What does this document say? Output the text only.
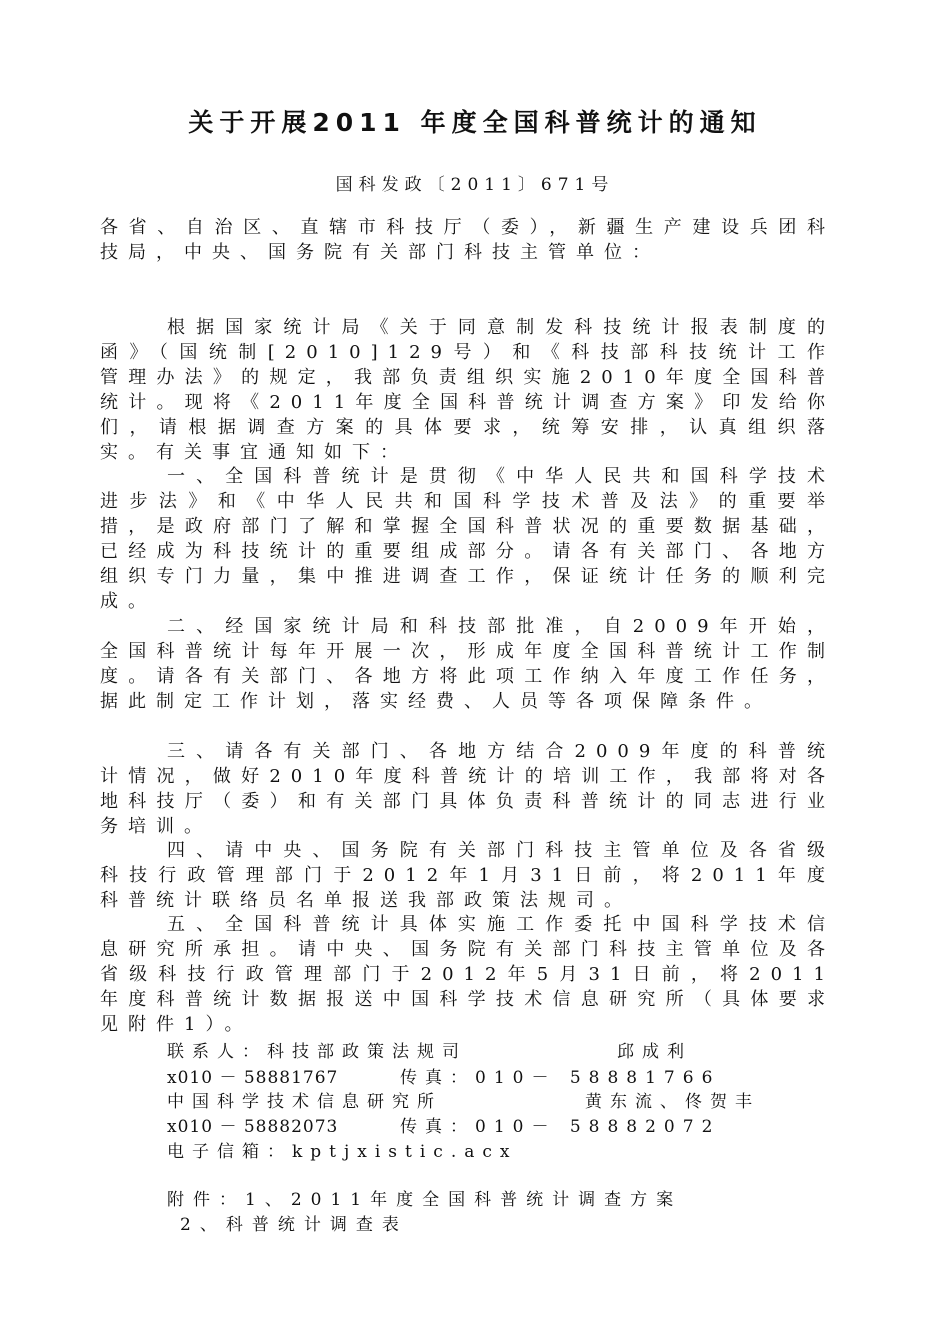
关于开展2011 年度全国科普统计的通知
国科发政〔2011〕671号

各省、自治区、直辖市科技厅（委），新疆生产建设兵团科技局，中央、国务院有关部门科技主管单位：

根据国家统计局《关于同意制发科技统计报表制度的函》（国统制[2010]129号）和《科技部科技统计工作管理办法》的规定，我部负责组织实施2010年度全国科普统计。现将《2011年度全国科普统计调查方案》印发给你们，请根据调查方案的具体要求，统筹安排，认真组织落实。有关事宜通知如下：

一、全国科普统计是贯彻《中华人民共和国科学技术进步法》和《中华人民共和国科学技术普及法》的重要举措，是政府部门了解和掌握全国科普状况的重要数据基础，已经成为科技统计的重要组成部分。请各有关部门、各地方组织专门力量，集中推进调查工作，保证统计任务的顺利完成。

二、经国家统计局和科技部批准，自2009年开始，全国科普统计每年开展一次，形成年度全国科普统计工作制度。请各有关部门、各地方将此项工作纳入年度工作任务，据此制定工作计划，落实经费、人员等各项保障条件。

三、请各有关部门、各地方结合2009年度的科普统计情况，做好2010年度科普统计的培训工作，我部将对各地科技厅（委）和有关部门具体负责科普统计的同志进行业务培训。

四、请中央、国务院有关部门科技主管单位及各省级科技行政管理部门于2012年1月31日前，将2011年度科普统计联络员名单报送我部政策法规司。

五、全国科普统计具体实施工作委托中国科学技术信息研究所承担。请中央、国务院有关部门科技主管单位及各省级科技行政管理部门于2012年5月31日前，将2011年度科普统计数据报送中国科学技术信息研究所（具体要求见附件1）。

联系人：科技部政策法规司	邱成利
x010 － 58881767	传真：010－ 58881766
中国科学技术信息研究所	黄东流、佟贺丰
x010 － 58882073	传真：010－ 58882072
电子信箱：kptjxistic.acx
附件：1、2011年度全国科普统计调查方案
2、科普统计调查表
